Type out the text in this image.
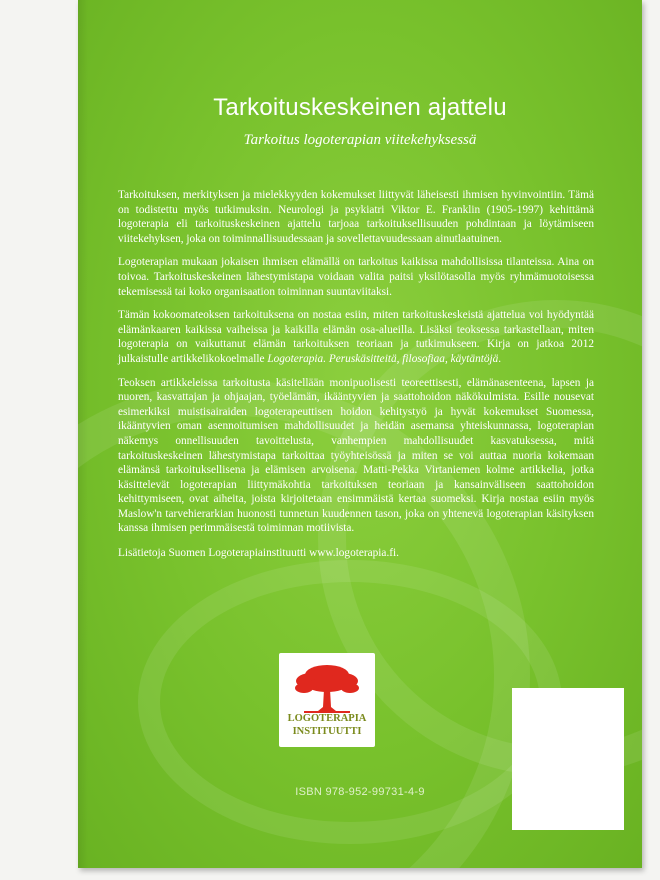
Tarkoituskeskeinen ajattelu
Tarkoitus logoterapian viitekehyksessä

Tarkoituksen, merkityksen ja mielekkyyden kokemukset liittyvät läheisesti ihmisen hyvinvointiin. Tämä on todistettu myös tutkimuksin. Neurologi ja psykiatri Viktor E. Franklin (1905-1997) kehittämä logoterapia eli tarkoituskeskeinen ajattelu tarjoaa tarkoituksellisuuden pohdintaan ja löytämiseen viitekehyksen, joka on toiminnallisuudessaan ja sovellettavuudessaan ainutlaatuinen.

Logoterapian mukaan jokaisen ihmisen elämällä on tarkoitus kaikissa mahdollisissa tilanteissa. Aina on toivoa. Tarkoituskeskeinen lähestymistapa voidaan valita paitsi yksilötasolla myös ryhmämuotoisessa tekemisessä tai koko organisaation toiminnan suuntaviitaksi.

Tämän kokoomateoksen tarkoituksena on nostaa esiin, miten tarkoituskeskeistä ajattelua voi hyödyntää elämänkaaren kaikissa vaiheissa ja kaikilla elämän osa-alueilla. Lisäksi teoksessa tarkastellaan, miten logoterapia on vaikuttanut elämän tarkoituksen teoriaan ja tutkimukseen. Kirja on jatkoa 2012 julkaistulle artikkelikokoelmalle Logoterapia. Peruskäsitteitä, filosofiaa, käytäntöjä.

Teoksen artikkeleissa tarkoitusta käsitellään monipuolisesti teoreettisesti, elämänasenteena, lapsen ja nuoren, kasvattajan ja ohjaajan, työelämän, ikääntyvien ja saattohoidon näkökulmista. Esille nousevat esimerkiksi muistisairaiden logoterapeuttisen hoidon kehitystyö ja hyvät kokemukset Suomessa, ikääntyvien oman asennoitumisen mahdollisuudet ja heidän asemansa yhteiskunnassa, logoterapian näkemys onnellisuuden tavoittelusta, vanhempien mahdollisuudet kasvatuksessa, mitä tarkoituskeskeinen lähestymistapa tarkoittaa työyhteisössä ja miten se voi auttaa nuoria kokemaan elämänsä tarkoituksellisena ja elämisen arvoisena. Matti-Pekka Virtaniemen kolme artikkelia, jotka käsittelevät logoterapian liittymäkohtia tarkoituksen teoriaan ja kansainväliseen saattohoidon kehittymiseen, ovat aiheita, joista kirjoitetaan ensimmäistä kertaa suomeksi. Kirja nostaa esiin myös Maslow'n tarvehierarkian huonosti tunnetun kuudennen tason, joka on yhtenevä logoterapian käsityksen kanssa ihmisen perimmäisestä toiminnan motiivista.

Lisätietoja Suomen Logoterapiainstituutti www.logoterapia.fi.

LOGOTERAPIA
INSTITUUTTI
ISBN 978-952-99731-4-9
